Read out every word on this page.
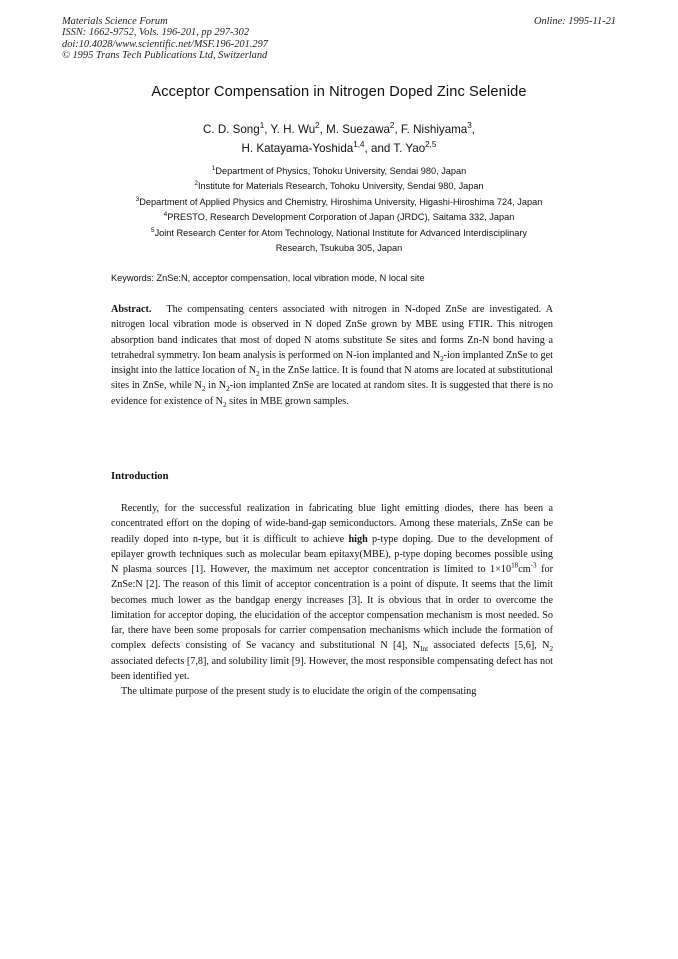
Materials Science Forum
ISSN: 1662-9752, Vols. 196-201, pp 297-302
doi:10.4028/www.scientific.net/MSF.196-201.297
© 1995 Trans Tech Publications Ltd, Switzerland
Online: 1995-11-21
Acceptor Compensation in Nitrogen Doped Zinc Selenide
C. D. Song$^1$, Y. H. Wu$^2$, M. Suezawa$^2$, F. Nishiyama$^3$,
H. Katayama-Yoshida$^{1,4}$, and T. Yao$^{2,5}$
$^1$Department of Physics, Tohoku University, Sendai 980, Japan
$^2$Institute for Materials Research, Tohoku University, Sendai 980, Japan
$^3$Department of Applied Physics and Chemistry, Hiroshima University, Higashi-Hiroshima 724, Japan
$^4$PRESTO, Research Development Corporation of Japan (JRDC), Saitama 332, Japan
$^5$Joint Research Center for Atom Technology, National Institute for Advanced Interdisciplinary
Research, Tsukuba 305, Japan
Keywords: ZnSe:N, acceptor compensation, local vibration mode, N local site
Abstract. The compensating centers associated with nitrogen in N-doped ZnSe are investigated. A nitrogen local vibration mode is observed in N doped ZnSe grown by MBE using FTIR. This nitrogen absorption band indicates that most of doped N atoms substitute Se sites and forms Zn-N bond having a tetrahedral symmetry. Ion beam analysis is performed on N-ion implanted and $N_2$-ion implanted ZnSe to get insight into the lattice location of $N_2$ in the ZnSe lattice. It is found that N atoms are located at substitutional sites in ZnSe, while $N_2$ in $N_2$-ion implanted ZnSe are located at random sites. It is suggested that there is no evidence for existence of $N_2$ sites in MBE grown samples.
Introduction

Recently, for the successful realization in fabricating blue light emitting diodes, there has been a concentrated effort on the doping of wide-band-gap semiconductors. Among these materials, ZnSe can be readily doped into n-type, but it is difficult to achieve high p-type doping. Due to the development of epilayer growth techniques such as molecular beam epitaxy(MBE), p-type doping becomes possible using N plasma sources [1]. However, the maximum net acceptor concentration is limited to $1\times 10^{18}cm^{-3}$ for ZnSe:N [2]. The reason of this limit of acceptor concentration is a point of dispute. It seems that the limit becomes much lower as the bandgap energy increases [3]. It is obvious that in order to overcome the limitation for acceptor doping, the elucidation of the acceptor compensation mechanism is most needed. So far, there have been some proposals for carrier compensation mechanisms which include the formation of complex defects consisting of Se vacancy and substitutional N [4], $N_{Int}$ associated defects [5,6], $N_2$ associated defects [7,8], and solubility limit [9]. However, the most responsible compensating defect has not been identified yet.

The ultimate purpose of the present study is to elucidate the origin of the compensating
